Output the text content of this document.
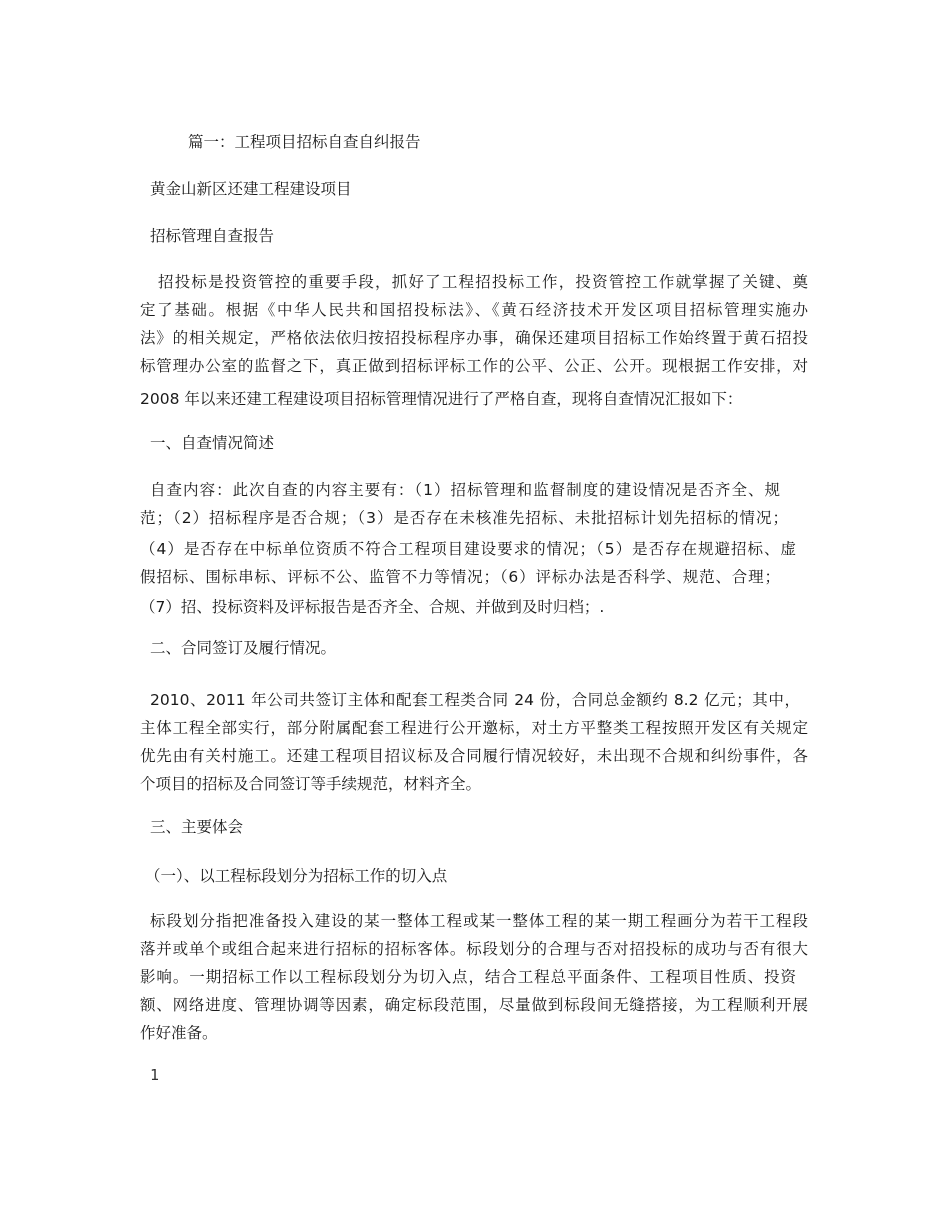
篇一：工程项目招标自查自纠报告

黄金山新区还建工程建设项目

招标管理自查报告

招投标是投资管控的重要手段，抓好了工程招投标工作，投资管控工作就掌握了关键、奠

定了基础。根据《中华人民共和国招投标法》、《黄石经济技术开发区项目招标管理实施办

法》的相关规定，严格依法依归按招投标程序办事，确保还建项目招标工作始终置于黄石招投

标管理办公室的监督之下，真正做到招标评标工作的公平、公正、公开。现根据工作安排，对

2008 年以来还建工程建设项目招标管理情况进行了严格自查，现将自查情况汇报如下：

一、自查情况简述

自查内容：此次自查的内容主要有：（1）招标管理和监督制度的建设情况是否齐全、规

范；（2）招标程序是否合规；（3）是否存在未核准先招标、未批招标计划先招标的情况；

（4）是否存在中标单位资质不符合工程项目建设要求的情况；（5）是否存在规避招标、虚

假招标、围标串标、评标不公、监管不力等情况；（6）评标办法是否科学、规范、合理；

（7）招、投标资料及评标报告是否齐全、合规、并做到及时归档；.

二、合同签订及履行情况。

2010、2011 年公司共签订主体和配套工程类合同 24 份，合同总金额约 8.2 亿元；其中，

主体工程全部实行，部分附属配套工程进行公开邀标，对土方平整类工程按照开发区有关规定

优先由有关村施工。还建工程项目招议标及合同履行情况较好，未出现不合规和纠纷事件，各

个项目的招标及合同签订等手续规范，材料齐全。

三、主要体会

（一）、以工程标段划分为招标工作的切入点

标段划分指把准备投入建设的某一整体工程或某一整体工程的某一期工程画分为若干工程段

落并或单个或组合起来进行招标的招标客体。标段划分的合理与否对招投标的成功与否有很大

影响。一期招标工作以工程标段划分为切入点，结合工程总平面条件、工程项目性质、投资

额、网络进度、管理协调等因素，确定标段范围，尽量做到标段间无缝搭接，为工程顺利开展

作好准备。

1
